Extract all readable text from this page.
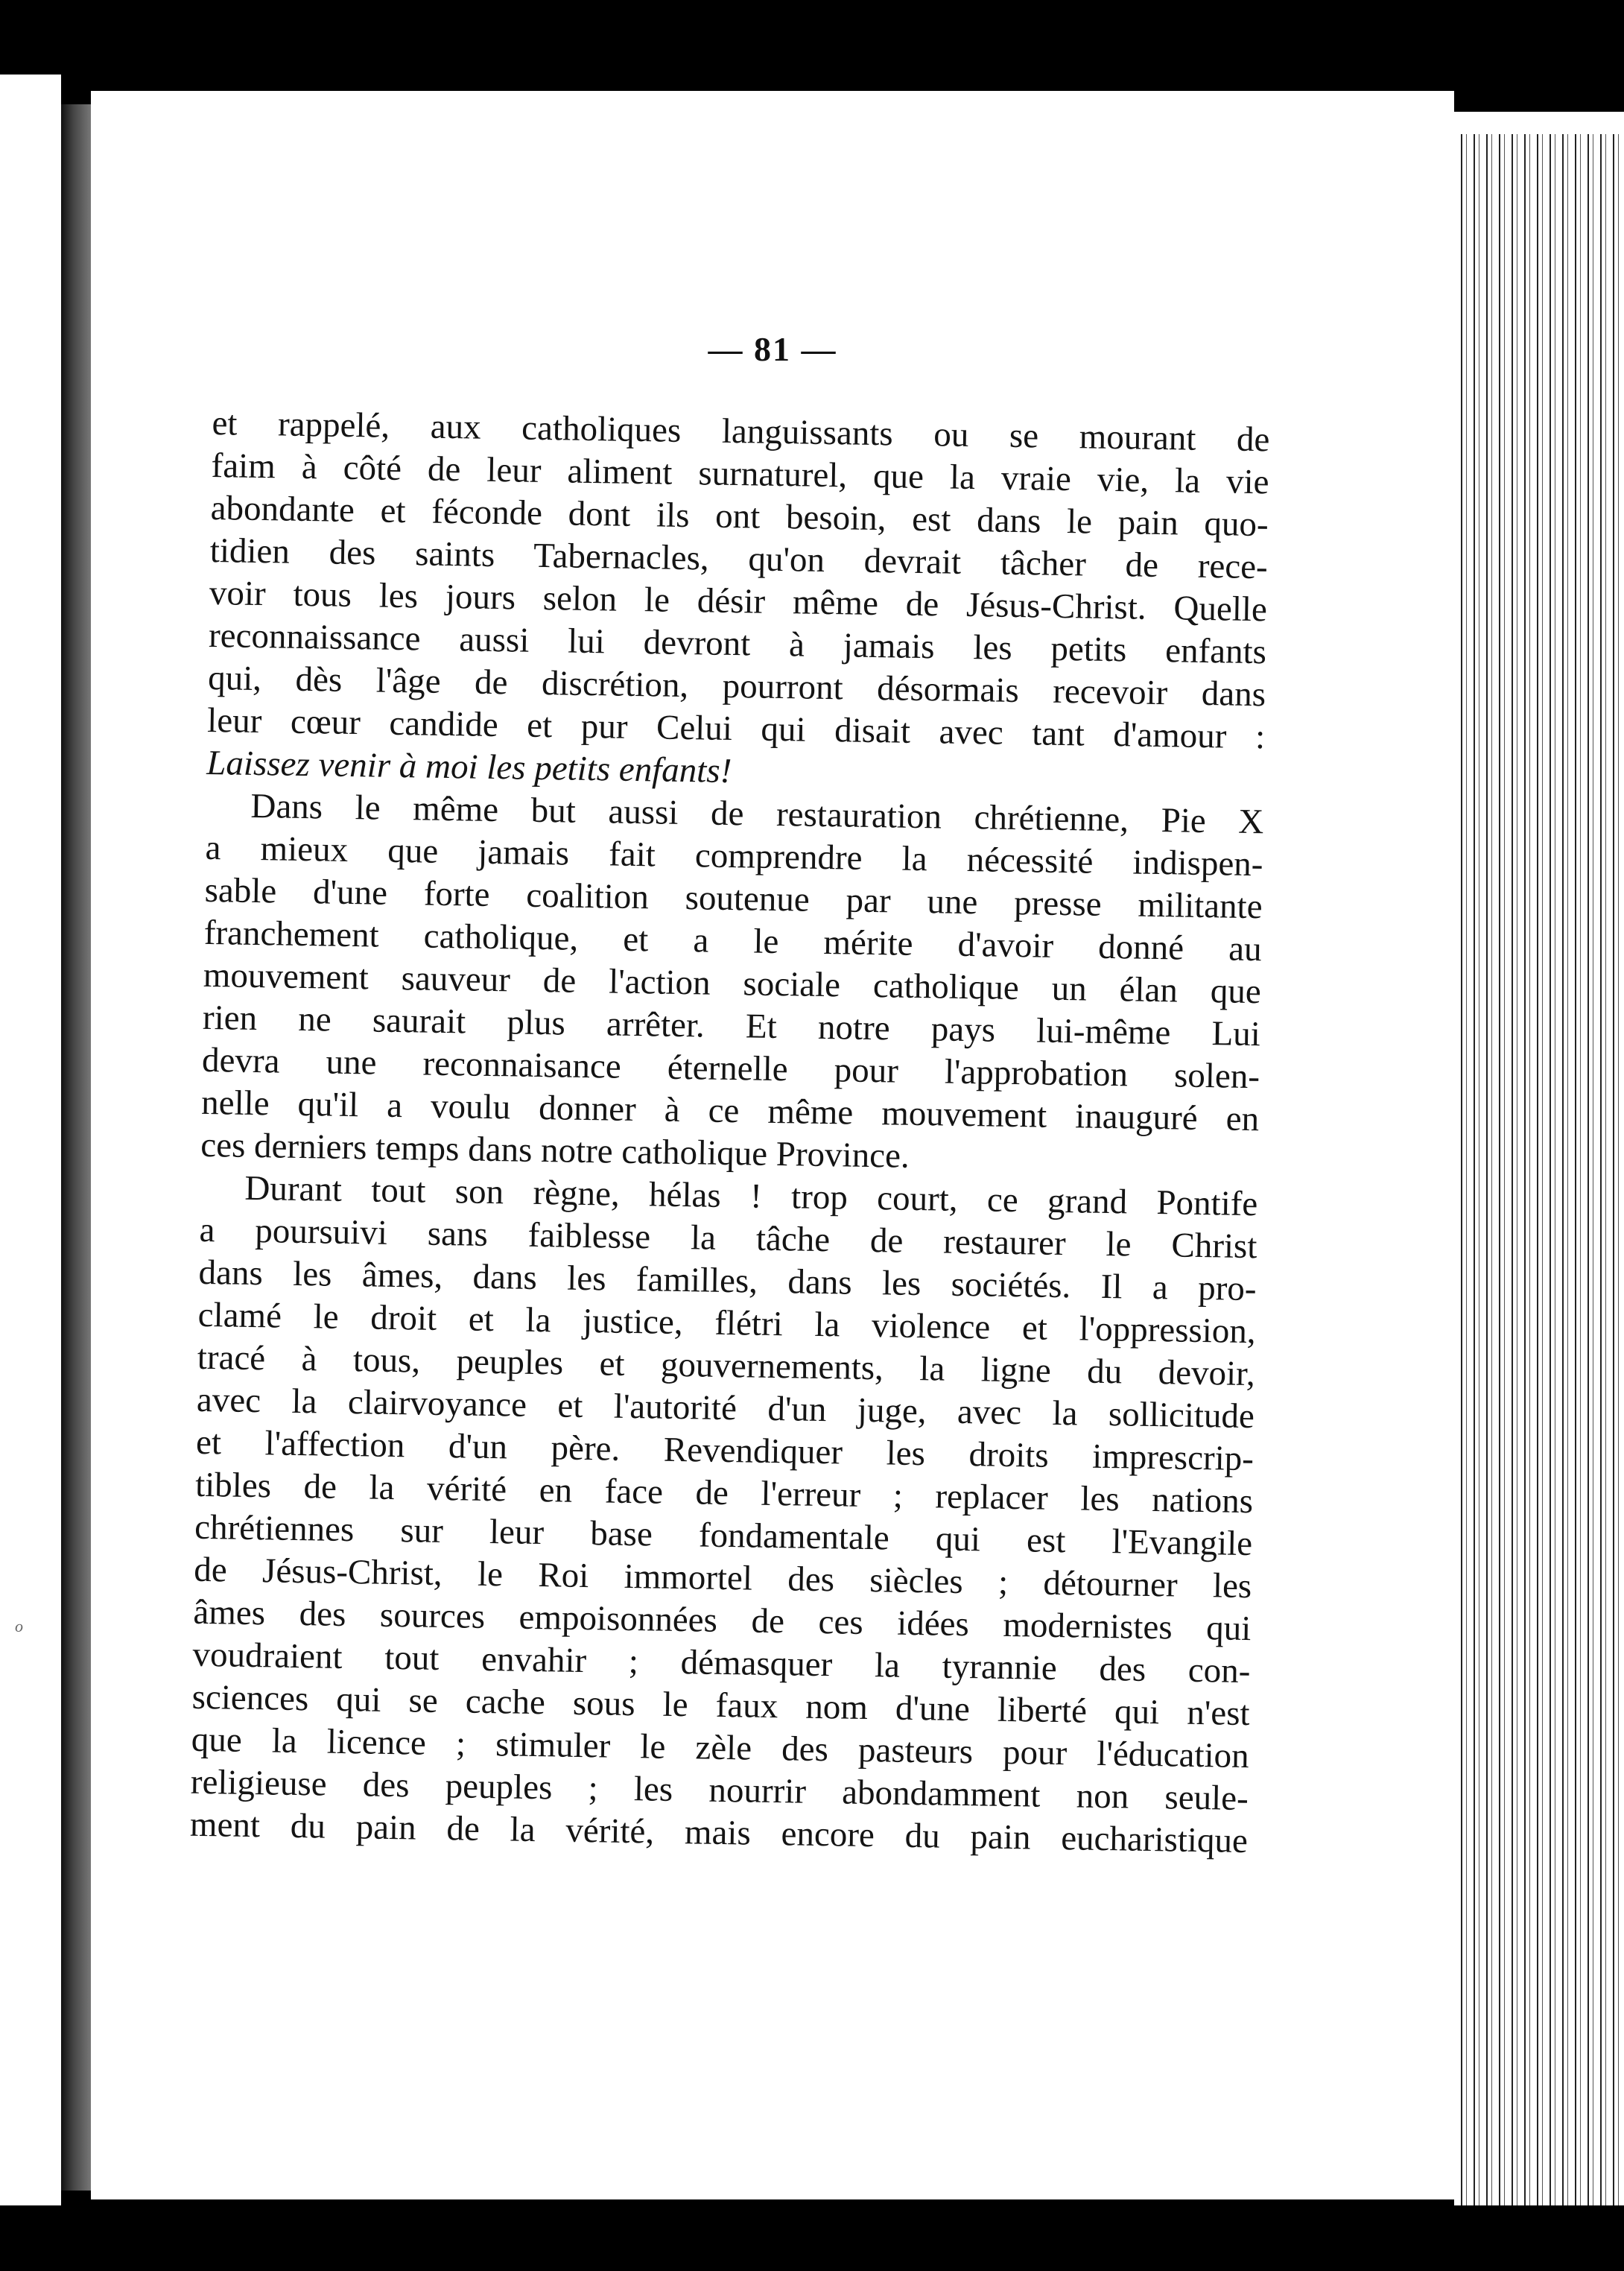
o
— 81 —
et rappelé, aux catholiques languissants ou se mourant de
faim à côté de leur aliment surnaturel, que la vraie vie, la vie
abondante et féconde dont ils ont besoin, est dans le pain quo-
tidien des saints Tabernacles, qu'on devrait tâcher de rece-
voir tous les jours selon le désir même de Jésus-Christ. Quelle
reconnaissance aussi lui devront à jamais les petits enfants
qui, dès l'âge de discrétion, pourront désormais recevoir dans
leur cœur candide et pur Celui qui disait avec tant d'amour :
Laissez venir à moi les petits enfants!
Dans le même but aussi de restauration chrétienne, Pie X
a mieux que jamais fait comprendre la nécessité indispen-
sable d'une forte coalition soutenue par une presse militante
franchement catholique, et a le mérite d'avoir donné au
mouvement sauveur de l'action sociale catholique un élan que
rien ne saurait plus arrêter. Et notre pays lui-même Lui
devra une reconnaisance éternelle pour l'approbation solen-
nelle qu'il a voulu donner à ce même mouvement inauguré en
ces derniers temps dans notre catholique Province.
Durant tout son règne, hélas ! trop court, ce grand Pontife
a poursuivi sans faiblesse la tâche de restaurer le Christ
dans les âmes, dans les familles, dans les sociétés. Il a pro-
clamé le droit et la justice, flétri la violence et l'oppression,
tracé à tous, peuples et gouvernements, la ligne du devoir,
avec la clairvoyance et l'autorité d'un juge, avec la sollicitude
et l'affection d'un père. Revendiquer les droits imprescrip-
tibles de la vérité en face de l'erreur ; replacer les nations
chrétiennes sur leur base fondamentale qui est l'Evangile
de Jésus-Christ, le Roi immortel des siècles ; détourner les
âmes des sources empoisonnées de ces idées modernistes qui
voudraient tout envahir ; démasquer la tyrannie des con-
sciences qui se cache sous le faux nom d'une liberté qui n'est
que la licence ; stimuler le zèle des pasteurs pour l'éducation
religieuse des peuples ; les nourrir abondamment non seule-
ment du pain de la vérité, mais encore du pain eucharistique
